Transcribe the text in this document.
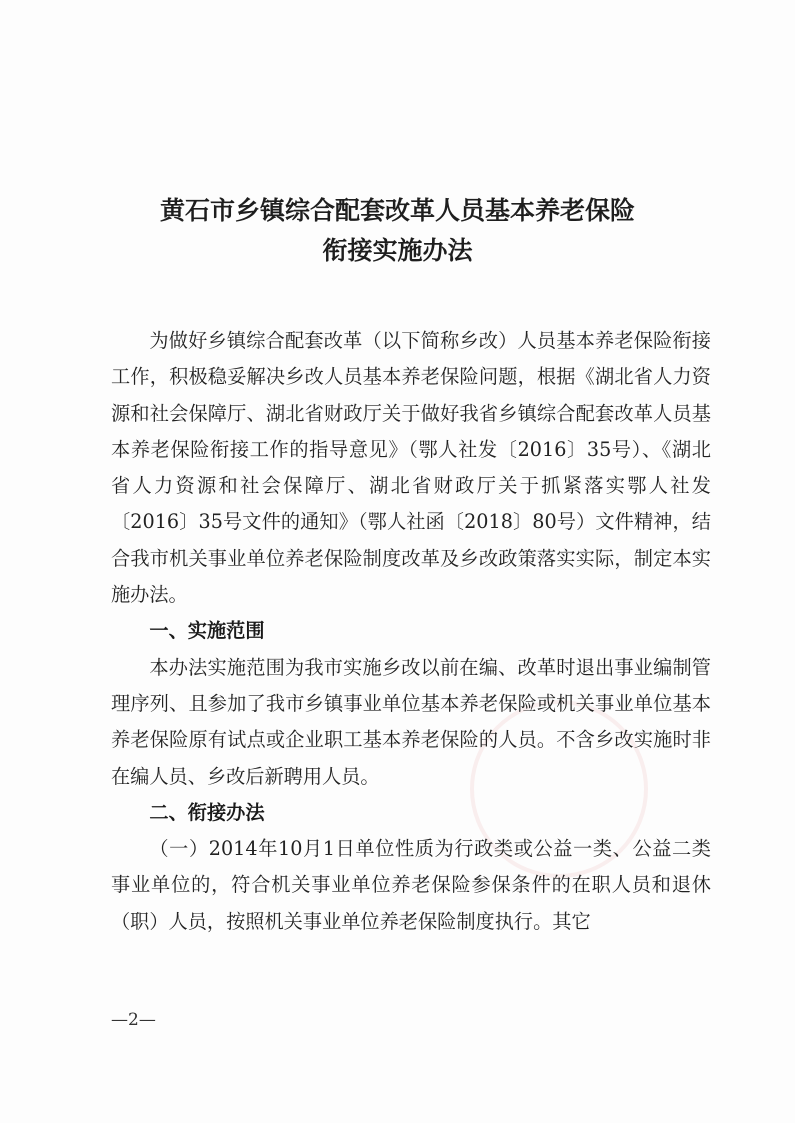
黄石市乡镇综合配套改革人员基本养老保险
衔接实施办法

为做好乡镇综合配套改革（以下简称乡改）人员基本养老保险衔接工作，积极稳妥解决乡改人员基本养老保险问题，根据《湖北省人力资源和社会保障厅、湖北省财政厅关于做好我省乡镇综合配套改革人员基本养老保险衔接工作的指导意见》（鄂人社发〔2016〕35号）、《湖北省人力资源和社会保障厅、湖北省财政厅关于抓紧落实鄂人社发〔2016〕35号文件的通知》（鄂人社函〔2018〕80号）文件精神，结合我市机关事业单位养老保险制度改革及乡改政策落实实际，制定本实施办法。

一、实施范围

本办法实施范围为我市实施乡改以前在编、改革时退出事业编制管理序列、且参加了我市乡镇事业单位基本养老保险或机关事业单位基本养老保险原有试点或企业职工基本养老保险的人员。不含乡改实施时非在编人员、乡改后新聘用人员。

二、衔接办法

（一）2014年10月1日单位性质为行政类或公益一类、公益二类事业单位的，符合机关事业单位养老保险参保条件的在职人员和退休（职）人员，按照机关事业单位养老保险制度执行。其它

—2—
